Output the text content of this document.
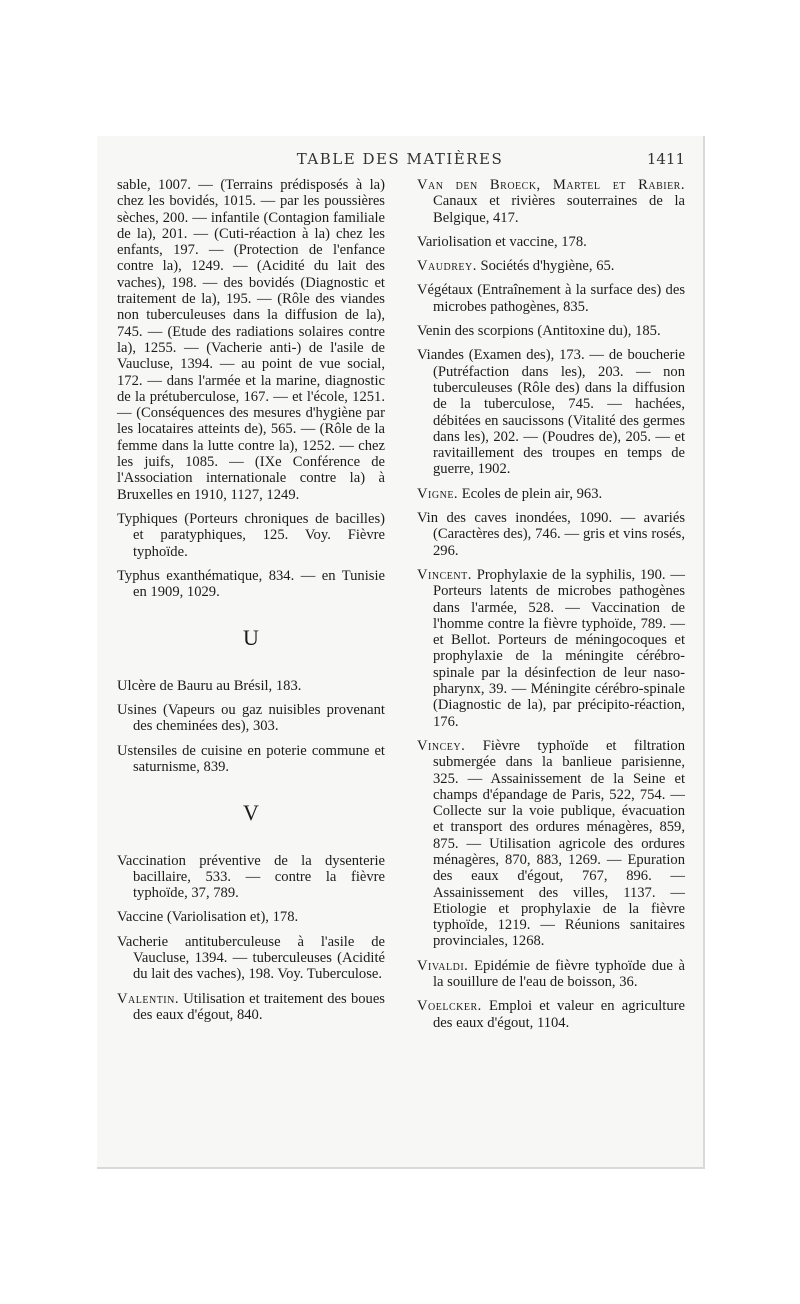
TABLE DES MATIÈRES	1411

sable, 1007. — (Terrains prédisposés à la) chez les bovidés, 1015. — par les poussières sèches, 200. — infantile (Contagion familiale de la), 201. — (Cuti-réaction à la) chez les enfants, 197. — (Protection de l'enfance contre la), 1249. — (Acidité du lait des vaches), 198. — des bovidés (Diagnostic et traitement de la), 195. — (Rôle des viandes non tuberculeuses dans la diffusion de la), 745. — (Etude des radiations solaires contre la), 1255. — (Vacherie anti-) de l'asile de Vaucluse, 1394. — au point de vue social, 172. — dans l'armée et la marine, diagnostic de la prétuberculose, 167. — et l'école, 1251. — (Conséquences des mesures d'hygiène par les locataires atteints de), 565. — (Rôle de la femme dans la lutte contre la), 1252. — chez les juifs, 1085. — (IXe Conférence de l'Association internationale contre la) à Bruxelles en 1910, 1127, 1249.

Typhiques (Porteurs chroniques de bacilles) et paratyphiques, 125. Voy. Fièvre typhoïde.

Typhus exanthématique, 834. — en Tunisie en 1909, 1029.

U

Ulcère de Bauru au Brésil, 183.

Usines (Vapeurs ou gaz nuisibles provenant des cheminées des), 303.

Ustensiles de cuisine en poterie commune et saturnisme, 839.

V

Vaccination préventive de la dysenterie bacillaire, 533. — contre la fièvre typhoïde, 37, 789.

Vaccine (Variolisation et), 178.

Vacherie antituberculeuse à l'asile de Vaucluse, 1394. — tuberculeuses (Acidité du lait des vaches), 198. Voy. Tuberculose.

Valentin. Utilisation et traitement des boues des eaux d'égout, 840.

Van den Broeck, Martel et Rabier. Canaux et rivières souterraines de la Belgique, 417.

Variolisation et vaccine, 178.

Vaudrey. Sociétés d'hygiène, 65.

Végétaux (Entraînement à la surface des) des microbes pathogènes, 835.

Venin des scorpions (Antitoxine du), 185.

Viandes (Examen des), 173. — de boucherie (Putréfaction dans les), 203. — non tuberculeuses (Rôle des) dans la diffusion de la tuberculose, 745. — hachées, débitées en saucissons (Vitalité des germes dans les), 202. — (Poudres de), 205. — et ravitaillement des troupes en temps de guerre, 1902.

Vigne. Ecoles de plein air, 963.

Vin des caves inondées, 1090. — avariés (Caractères des), 746. — gris et vins rosés, 296.

Vincent. Prophylaxie de la syphilis, 190. — Porteurs latents de microbes pathogènes dans l'armée, 528. — Vaccination de l'homme contre la fièvre typhoïde, 789. — et Bellot. Porteurs de méningocoques et prophylaxie de la méningite cérébro-spinale par la désinfection de leur naso-pharynx, 39. — Méningite cérébro-spinale (Diagnostic de la), par précipito-réaction, 176.

Vincey. Fièvre typhoïde et filtration submergée dans la banlieue parisienne, 325. — Assainissement de la Seine et champs d'épandage de Paris, 522, 754. — Collecte sur la voie publique, évacuation et transport des ordures ménagères, 859, 875. — Utilisation agricole des ordures ménagères, 870, 883, 1269. — Epuration des eaux d'égout, 767, 896. — Assainissement des villes, 1137. — Etiologie et prophylaxie de la fièvre typhoïde, 1219. — Réunions sanitaires provinciales, 1268.

Vivaldi. Epidémie de fièvre typhoïde due à la souillure de l'eau de boisson, 36.

Voelcker. Emploi et valeur en agriculture des eaux d'égout, 1104.
